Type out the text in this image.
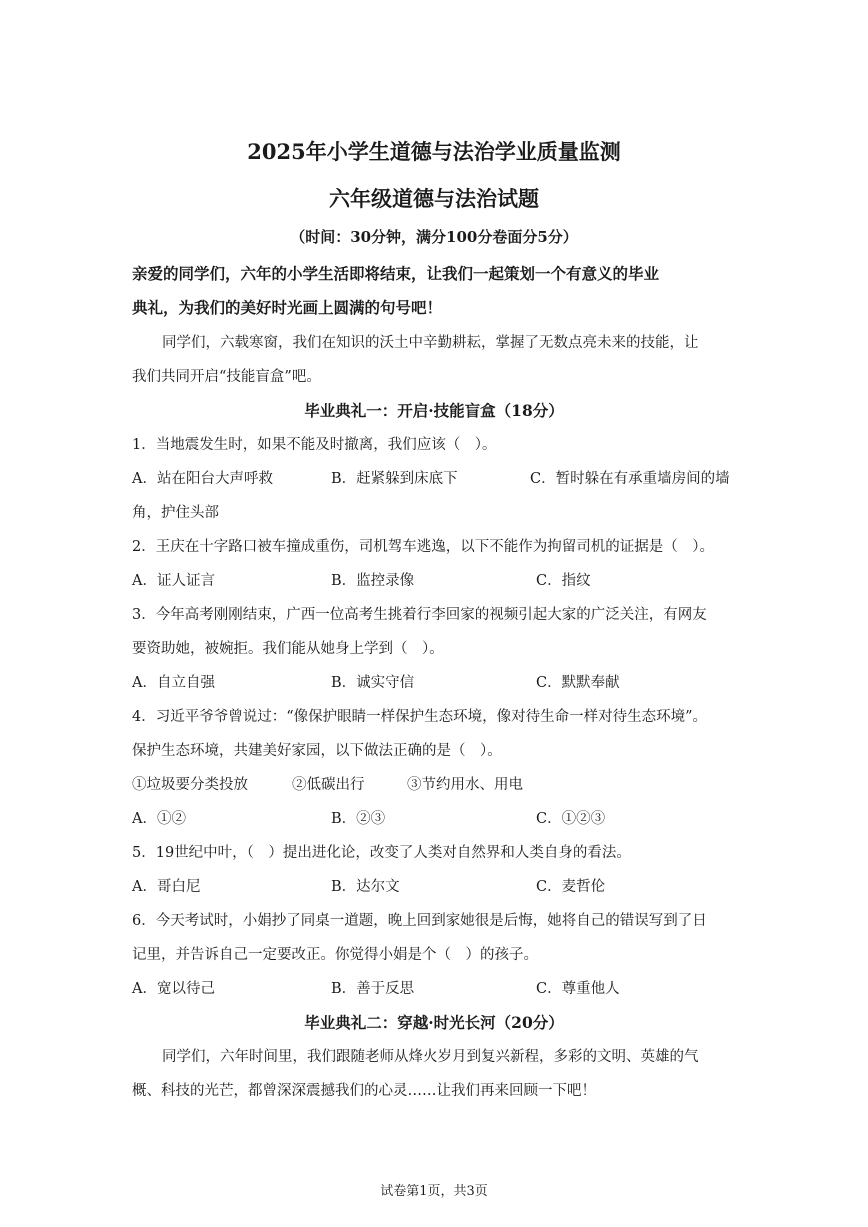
2025年小学生道德与法治学业质量监测
六年级道德与法治试题
（时间：30分钟，满分100分卷面分5分）
亲爱的同学们，六年的小学生活即将结束，让我们一起策划一个有意义的毕业
典礼，为我们的美好时光画上圆满的句号吧！
同学们，六载寒窗，我们在知识的沃土中辛勤耕耘，掌握了无数点亮未来的技能，让
我们共同开启“技能盲盒”吧。
毕业典礼一：开启·技能盲盒（18分）
1．当地震发生时，如果不能及时撤离，我们应该（　）。
A．站在阳台大声呼救	B．赶紧躲到床底下	C．暂时躲在有承重墙房间的墙
角，护住头部
2．王庆在十字路口被车撞成重伤，司机驾车逃逸，以下不能作为拘留司机的证据是（　）。
A．证人证言	B．监控录像	C．指纹
3．今年高考刚刚结束，广西一位高考生挑着行李回家的视频引起大家的广泛关注，有网友
要资助她，被婉拒。我们能从她身上学到（　）。
A．自立自强	B．诚实守信	C．默默奉献
4．习近平爷爷曾说过：“像保护眼睛一样保护生态环境，像对待生命一样对待生态环境”。
保护生态环境，共建美好家园，以下做法正确的是（　）。
①垃圾要分类投放	②低碳出行	③节约用水、用电
A．①②	B．②③	C．①②③
5．19世纪中叶，（　）提出进化论，改变了人类对自然界和人类自身的看法。
A．哥白尼	B．达尔文	C．麦哲伦
6．今天考试时，小娟抄了同桌一道题，晚上回到家她很是后悔，她将自己的错误写到了日
记里，并告诉自己一定要改正。你觉得小娟是个（　）的孩子。
A．宽以待己	B．善于反思	C．尊重他人
毕业典礼二：穿越·时光长河（20分）
同学们，六年时间里，我们跟随老师从烽火岁月到复兴新程，多彩的文明、英雄的气
概、科技的光芒，都曾深深震撼我们的心灵……让我们再来回顾一下吧！
试卷第1页，共3页
